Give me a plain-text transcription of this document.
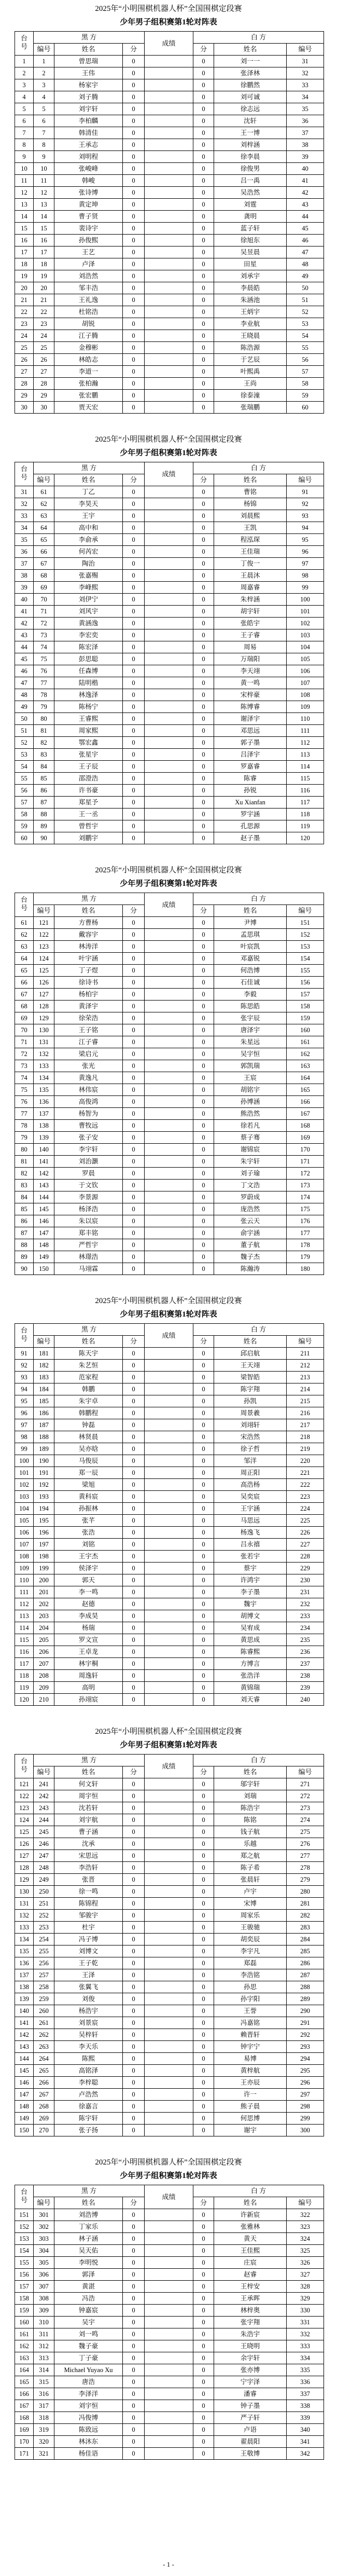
- 1 -
2025年“小明围棋机器人杯”全国围棋定段赛
少年男子组积赛第1轮对阵表
台号	黑 方			成绩	白 方		
	编号	姓名	分		分	姓名	编号
1	1	曾思瑞	0		0	刘一一	31
2	2	王伟	0		0	张泽林	32
3	3	杨家宇	0		0	徐鹏然	33
4	4	刘子腾	0		0	刘可诚	34
5	5	刘宇轩	0		0	徐志远	35
6	6	李柏麟	0		0	沈轩	36
7	7	韩清佳	0		0	王一博	37
8	8	王承志	0		0	刘梓涵	38
9	9	刘明程	0		0	徐李晨	39
10	10	张峻峰	0		0	徐俊男	40
11	11	韩峻	0		0	吕一禹	41
12	12	张诗博	0		0	吴浩然	42
13	13	黄定坤	0		0	刘霆	43
14	14	曹子贤	0		0	龚明	44
15	15	裴诗宇	0		0	蓝子轩	45
16	16	孙俊熙	0		0	徐旭东	46
17	17	王艺	0		0	吴昱晨	47
18	18	卢泽	0		0	田星	48
19	19	刘浩然	0		0	刘承宇	49
20	20	邹丰浩	0		0	李晨皓	50
21	21	王礼逸	0		0	朱涵池	51
22	22	杜铭浩	0		0	王炳宇	52
23	23	胡锐	0		0	李业航	53
24	24	江子腾	0		0	王晓晨	54
25	25	金穆彬	0		0	陈浩源	55
26	26	林皓志	0		0	于艺辰	56
27	27	李道一	0		0	叶熙禹	57
28	28	张柏瀚	0		0	王尚	58
29	29	张宏鹏	0		0	徐泰潼	59
30	30	贾天宏	0		0	张瑞鹏	60
2025年“小明围棋机器人杯”全国围棋定段赛
少年男子组积赛第1轮对阵表
台号	黑 方			成绩	白 方		
	编号	姓名	分		分	姓名	编号
31	61	丁乙	0		0	曹铭	91
32	62	李昊天	0		0	杨锦	92
33	63	王宇	0		0	刘晨熙	93
34	64	高中和	0		0	王凯	94
35	65	李俞承	0		0	程泓琛	95
36	66	何芮宏	0		0	王佳瑞	96
37	67	陶治	0		0	丁俊一	97
38	68	张嘉赐	0		0	王晨沐	98
39	69	李峰熙	0		0	周嘉睿	99
40	70	刘伊宁	0		0	朱梓涵	100
41	71	刘风宇	0		0	胡宇轩	101
42	72	黄涵逸	0		0	张皓宇	102
43	73	李宏奕	0		0	王子睿	103
44	74	陈宏泽	0		0	周易	104
45	75	彭思聪	0		0	万瑞阳	105
46	76	任森博	0		0	李天翊	106
47	77	陆明楷	0		0	黄一鸣	107
48	78	林逸泽	0		0	宋梓豪	108
49	79	陈杨宁	0		0	陈博睿	109
50	80	王睿熙	0		0	谢泽宇	110
51	81	周家熙	0		0	邓思远	111
52	82	鄂宏鑫	0		0	郭子墨	112
53	83	张星宇	0		0	吕泽宇	113
54	84	王子辰	0		0	罗嘉睿	114
55	85	邵澄浩	0		0	陈睿	115
56	86	许书豪	0		0	孙锐	116
57	87	郑星予	0		0	Xu Xianfan	117
58	88	王一丞	0		0	罗宇涵	118
59	89	曾哲宇	0		0	孔思源	119
60	90	刘鹏宇	0		0	赵子墨	120
2025年“小明围棋机器人杯”全国围棋定段赛
少年男子组积赛第1轮对阵表
台号	黑 方			成绩	白 方		
	编号	姓名	分		分	姓名	编号
61	121	方曹杨	0		0	尹博	151
62	122	戴容宇	0		0	孟思琪	152
63	123	林涛洋	0		0	叶宸凯	153
64	124	叶宇涵	0		0	邓嘉锐	154
65	125	丁子煜	0		0	何浩博	155
66	126	徐诗书	0		0	石佳诚	156
67	127	杨柏宇	0		0	李毅	157
68	128	黄泽宇	0		0	陈思皓	158
69	129	徐荣浩	0		0	张宇辰	159
70	130	王子铭	0		0	唐泽宇	160
71	131	江子睿	0		0	朱星远	161
72	132	梁启元	0		0	吴宇恒	162
73	133	张光	0		0	郭凯瑞	163
74	134	黄逸凡	0		0	王宸	164
75	135	林伟宸	0		0	胡铭宇	165
76	136	高俊鸿	0		0	孙博涵	166
77	137	杨智为	0		0	熊浩然	167
78	138	曹牧远	0		0	徐若凡	168
79	139	张子安	0		0	蔡子骞	169
80	140	李宇轩	0		0	谢锦宸	170
81	141	刘治灏	0		0	朱宇轩	171
82	142	罗晨	0		0	刘子瑜	172
83	143	于文钦	0		0	丁文浩	173
84	144	李景源	0		0	罗蔚成	174
85	145	杨泽浩	0		0	庞浩然	175
86	146	朱以宸	0		0	张云天	176
87	147	郑丰铭	0		0	俞宇涵	177
88	148	严哲宇	0		0	董子航	178
89	149	林璟浩	0		0	魏子杰	179
90	150	马翊霖	0		0	陈瀚涛	180
2025年“小明围棋机器人杯”全国围棋定段赛
少年男子组积赛第1轮对阵表
台号	黑 方			成绩	白 方		
	编号	姓名	分		分	姓名	编号
91	181	陈天宇	0		0	邱启航	211
92	182	朱艺恒	0		0	王天翊	212
93	183	范家程	0		0	梁智皓	213
94	184	韩鹏	0		0	陈宇翔	214
95	185	朱宇卓	0		0	孙凯	215
96	186	韩鹏程	0		0	周景羲	216
97	187	钟磊	0		0	刘翊轩	217
98	188	林贤晨	0		0	宋浩然	218
99	189	吴亦晗	0		0	徐子哲	219
100	190	马俊辰	0		0	邹洋	220
101	191	郑一辰	0		0	周正阳	221
102	192	梁旭	0		0	高浩杨	222
103	193	黄科宸	0		0	吴奕宸	223
104	194	孙振林	0		0	王宇涵	224
105	195	张芊	0		0	马思远	225
106	196	张浩	0		0	杨逸飞	226
107	197	刘铭	0		0	吕永禧	227
108	198	王宇杰	0		0	张若宇	228
109	199	侯泽宇	0		0	蔡宇	229
110	200	郭天	0		0	许鸿宇	230
111	201	李一鸣	0		0	李子墨	231
112	202	赵德	0		0	魏宇	232
113	203	李成昊	0		0	胡博文	233
114	204	杨瑞	0		0	吴宥成	234
115	205	罗文宣	0		0	黄思成	235
116	206	王卓龙	0		0	陈睿熙	236
117	207	林宇桐	0		0	方博言	237
118	208	周逸轩	0		0	张浩洋	238
119	209	高明	0		0	黄锦瑞	239
120	210	孙翊宸	0		0	刘天睿	240
2025年“小明围棋机器人杯”全国围棋定段赛
少年男子组积赛第1轮对阵表
台号	黑 方			成绩	白 方		
	编号	姓名	分		分	姓名	编号
121	241	何文轩	0		0	邬宇轩	271
122	242	周宇恒	0		0	刘瑞	272
123	243	沈若轩	0		0	陈浩宇	273
124	244	刘宇航	0		0	陈铭	274
125	245	曹子涵	0		0	钱子航	275
126	246	沈承	0		0	乐越	276
127	247	宋思远	0		0	郑之航	277
128	248	李浩轩	0		0	陈子希	278
129	249	张晋	0		0	张晨轩	279
130	250	徐一鸣	0		0	卢宇	280
131	251	陈锦程	0		0	宋博	281
132	252	邹骏宇	0		0	周家乐	282
133	253	杜宇	0		0	王骏驰	283
134	254	冯子博	0		0	胡奕辰	284
135	255	刘博文	0		0	李宇凡	285
136	256	王子乾	0		0	郑磊	286
137	257	王泽	0		0	李浩铭	287
138	258	张翼飞	0		0	孙思	288
139	259	刘俊	0		0	孙宇阳	289
140	260	杨浩宇	0		0	王誉	290
141	261	刘景宸	0		0	冯嘉铭	291
142	262	吴梓轩	0		0	赖晋轩	292
143	263	李天乐	0		0	钟宇宁	293
144	264	陈熙	0		0	易博	294
145	265	高铭泽	0		0	黄梓航	295
146	266	李梓聪	0		0	王亦辰	296
147	267	卢浩然	0		0	许一	297
148	268	徐嘉言	0		0	熊子晨	298
149	269	陈宇轩	0		0	何思博	299
150	270	张子扬	0		0	谢宇	300
2025年“小明围棋机器人杯”全国围棋定段赛
少年男子组积赛第1轮对阵表
台号	黑 方			成绩	白 方		
	编号	姓名	分		分	姓名	编号
151	301	刘浩博	0		0	许新宸	322
152	302	丁家乐	0		0	张雅林	323
153	303	林子涵	0		0	黄天	324
154	304	吴天佑	0		0	王佳熙	325
155	305	李明悦	0		0	庄宸	326
156	306	郭泽	0		0	赵睿	327
157	307	黄湛	0		0	王梓安	328
158	308	冯浩	0		0	王承晖	329
159	309	钟嘉宸	0		0	林梓奥	330
160	310	吴宇	0		0	张宇翔	331
161	311	刘一鸣	0		0	朱浩宇	332
162	312	魏子豪	0		0	王晓明	333
163	313	丁子豪	0		0	余宇轩	334
164	314	Michael Yuyao Xu	0		0	张亦博	335
165	315	唐浩	0		0	宁宇泽	336
166	316	李泽洋	0		0	潘睿	337
167	317	刘宇恒	0		0	钟子墨	338
168	318	冯俊博	0		0	严子轩	339
169	319	陈致远	0		0	卢语	340
170	320	林沐东	0		0	翟晨阳	341
171	321	杨佳语	0		0	王敬博	342
